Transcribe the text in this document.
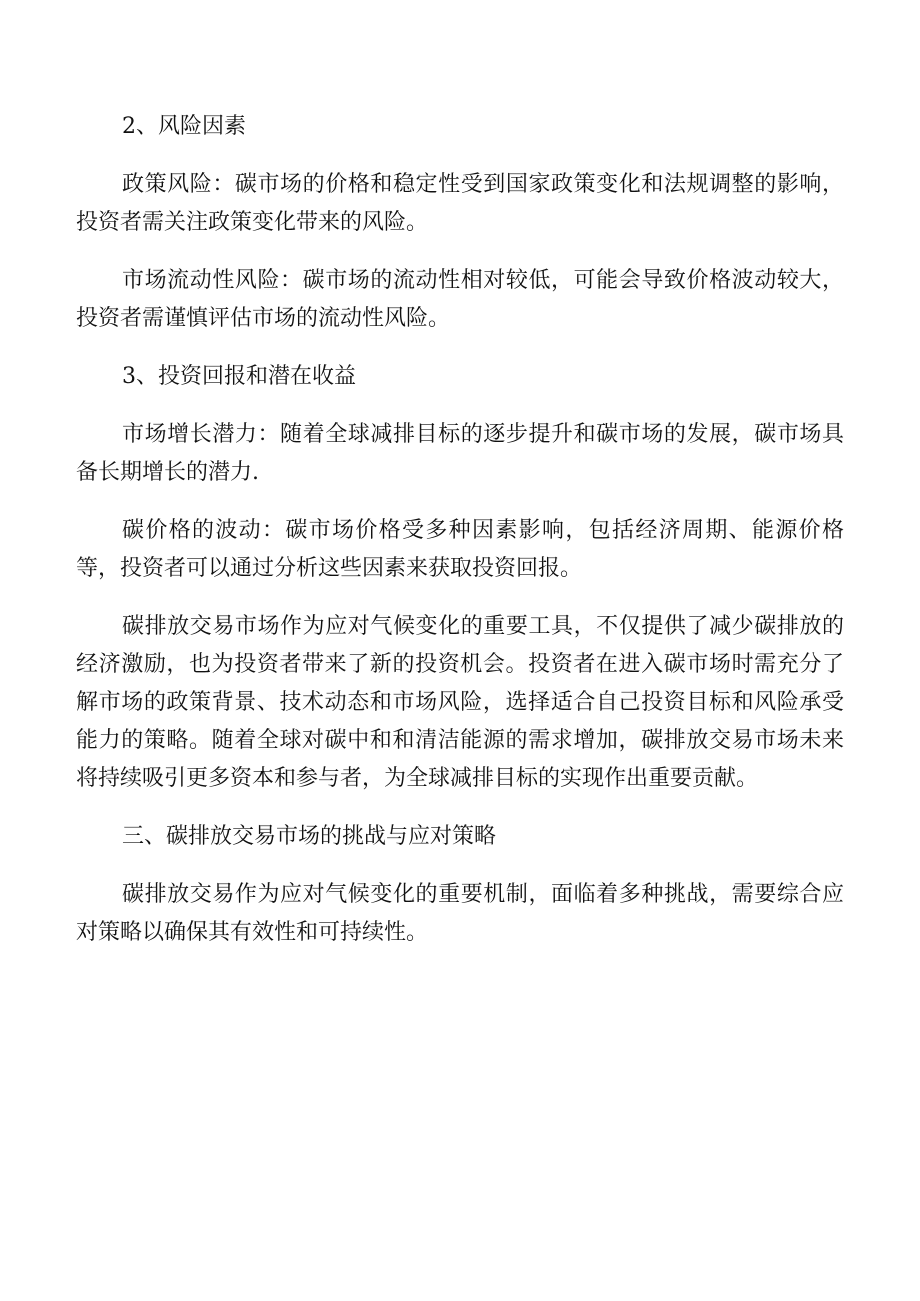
2、风险因素

政策风险：碳市场的价格和稳定性受到国家政策变化和法规调整的影响，投资者需关注政策变化带来的风险。

市场流动性风险：碳市场的流动性相对较低，可能会导致价格波动较大，投资者需谨慎评估市场的流动性风险。

3、投资回报和潜在收益

市场增长潜力：随着全球减排目标的逐步提升和碳市场的发展，碳市场具备长期增长的潜力.

碳价格的波动：碳市场价格受多种因素影响，包括经济周期、能源价格等，投资者可以通过分析这些因素来获取投资回报。

碳排放交易市场作为应对气候变化的重要工具，不仅提供了减少碳排放的经济激励，也为投资者带来了新的投资机会。投资者在进入碳市场时需充分了解市场的政策背景、技术动态和市场风险，选择适合自己投资目标和风险承受能力的策略。随着全球对碳中和和清洁能源的需求增加，碳排放交易市场未来将持续吸引更多资本和参与者，为全球减排目标的实现作出重要贡献。

三、碳排放交易市场的挑战与应对策略

碳排放交易作为应对气候变化的重要机制，面临着多种挑战，需要综合应对策略以确保其有效性和可持续性。
